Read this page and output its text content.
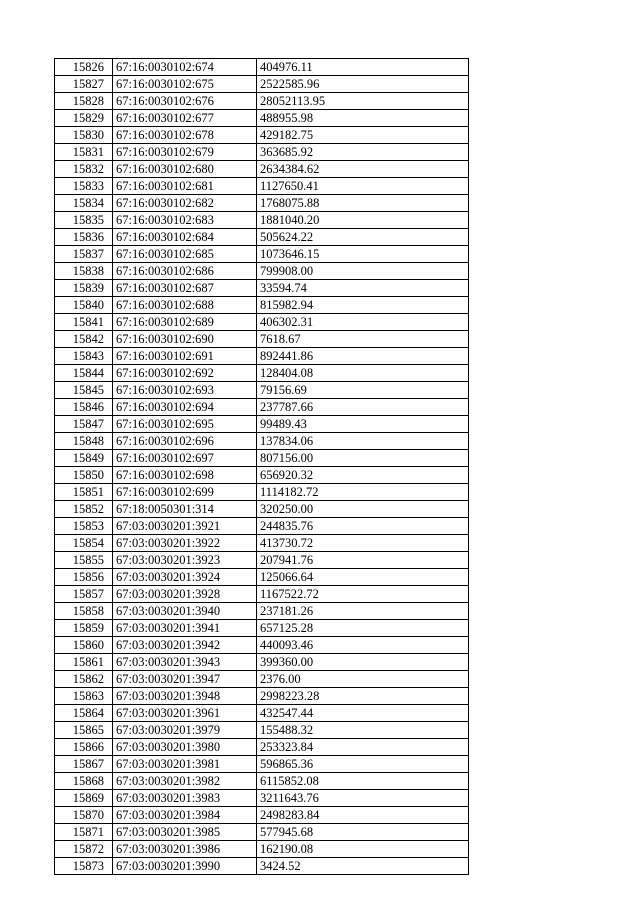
15826	67:16:0030102:674	404976.11
15827	67:16:0030102:675	2522585.96
15828	67:16:0030102:676	28052113.95
15829	67:16:0030102:677	488955.98
15830	67:16:0030102:678	429182.75
15831	67:16:0030102:679	363685.92
15832	67:16:0030102:680	2634384.62
15833	67:16:0030102:681	1127650.41
15834	67:16:0030102:682	1768075.88
15835	67:16:0030102:683	1881040.20
15836	67:16:0030102:684	505624.22
15837	67:16:0030102:685	1073646.15
15838	67:16:0030102:686	799908.00
15839	67:16:0030102:687	33594.74
15840	67:16:0030102:688	815982.94
15841	67:16:0030102:689	406302.31
15842	67:16:0030102:690	7618.67
15843	67:16:0030102:691	892441.86
15844	67:16:0030102:692	128404.08
15845	67:16:0030102:693	79156.69
15846	67:16:0030102:694	237787.66
15847	67:16:0030102:695	99489.43
15848	67:16:0030102:696	137834.06
15849	67:16:0030102:697	807156.00
15850	67:16:0030102:698	656920.32
15851	67:16:0030102:699	1114182.72
15852	67:18:0050301:314	320250.00
15853	67:03:0030201:3921	244835.76
15854	67:03:0030201:3922	413730.72
15855	67:03:0030201:3923	207941.76
15856	67:03:0030201:3924	125066.64
15857	67:03:0030201:3928	1167522.72
15858	67:03:0030201:3940	237181.26
15859	67:03:0030201:3941	657125.28
15860	67:03:0030201:3942	440093.46
15861	67:03:0030201:3943	399360.00
15862	67:03:0030201:3947	2376.00
15863	67:03:0030201:3948	2998223.28
15864	67:03:0030201:3961	432547.44
15865	67:03:0030201:3979	155488.32
15866	67:03:0030201:3980	253323.84
15867	67:03:0030201:3981	596865.36
15868	67:03:0030201:3982	6115852.08
15869	67:03:0030201:3983	3211643.76
15870	67:03:0030201:3984	2498283.84
15871	67:03:0030201:3985	577945.68
15872	67:03:0030201:3986	162190.08
15873	67:03:0030201:3990	3424.52
